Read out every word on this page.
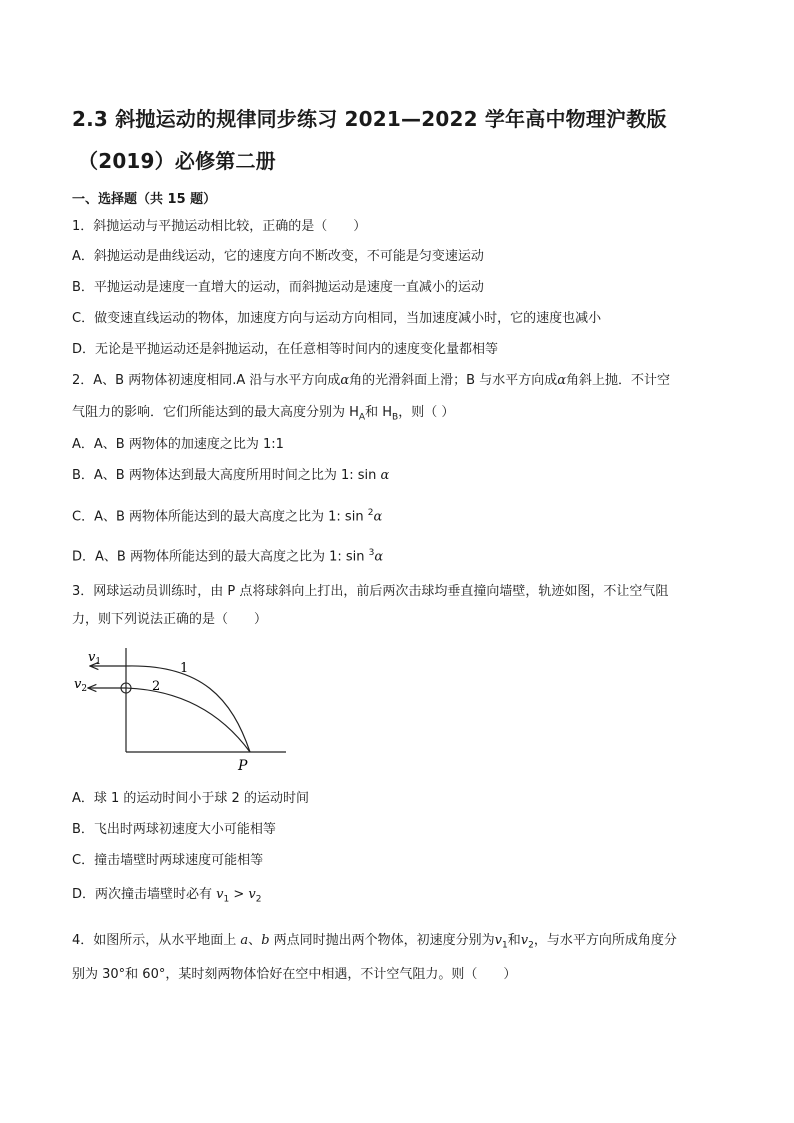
2.3 斜抛运动的规律同步练习 2021—2022 学年高中物理沪教版
（2019）必修第二册
一、选择题（共 15 题）
1．斜抛运动与平抛运动相比较，正确的是（　　）
A．斜抛运动是曲线运动，它的速度方向不断改变，不可能是匀变速运动
B．平抛运动是速度一直增大的运动，而斜抛运动是速度一直减小的运动
C．做变速直线运动的物体，加速度方向与运动方向相同，当加速度减小时，它的速度也减小
D．无论是平抛运动还是斜抛运动，在任意相等时间内的速度变化量都相等
2．A、B 两物体初速度相同.A 沿与水平方向成α角的光滑斜面上滑；B 与水平方向成α角斜上抛．不计空
气阻力的影响．它们所能达到的最大高度分别为 $H_A$和 $H_B$，则（ ）
A．A、B 两物体的加速度之比为 1:1
B．A、B 两物体达到最大高度所用时间之比为 1: sin α
C．A、B 两物体所能达到的最大高度之比为 1: sin $^2$α
D．A、B 两物体所能达到的最大高度之比为 1: sin $^3$α
3．网球运动员训练时，由 P 点将球斜向上打出，前后两次击球均垂直撞向墙壁，轨迹如图，不让空气阻
力，则下列说法正确的是（　　）
$v_1$
$v_2$
1
2
P
A．球 1 的运动时间小于球 2 的运动时间
B．飞出时两球初速度大小可能相等
C．撞击墙壁时两球速度可能相等
D．两次撞击墙壁时必有 $v_1 > v_2$
4．如图所示，从水平地面上 a、b 两点同时抛出两个物体，初速度分别为$v_1$和$v_2$，与水平方向所成角度分
别为 30°和 60°，某时刻两物体恰好在空中相遇，不计空气阻力。则（　　）
